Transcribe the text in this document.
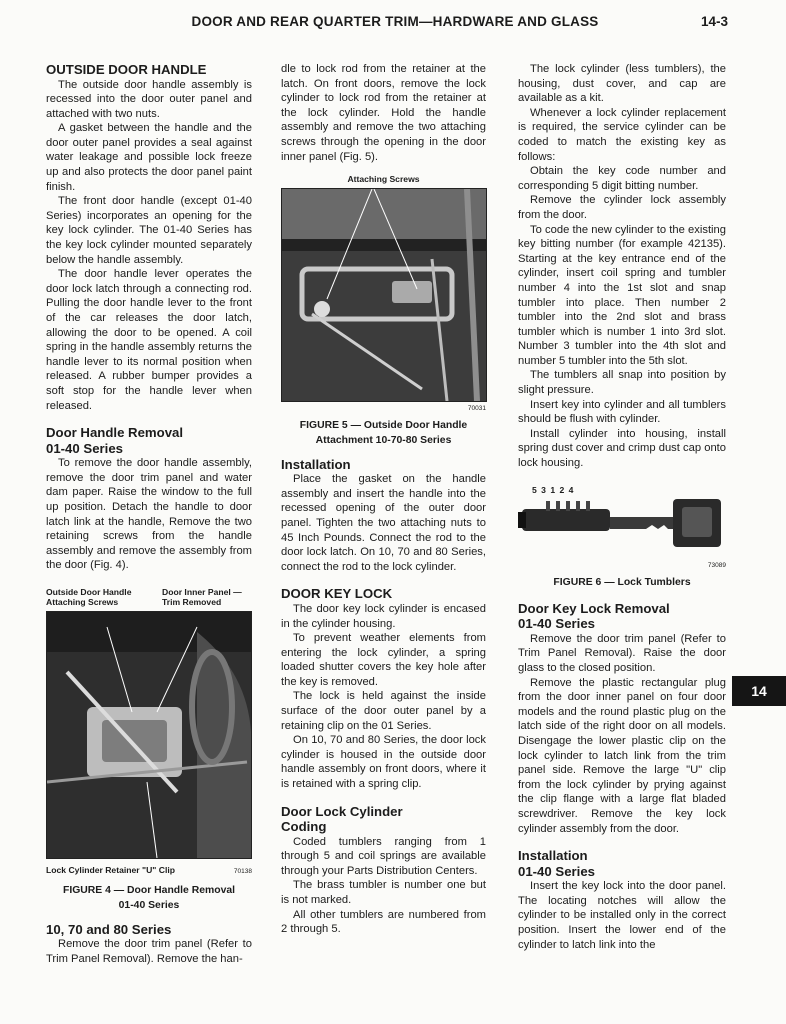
DOOR AND REAR QUARTER TRIM—HARDWARE AND GLASS	14-3
OUTSIDE DOOR HANDLE

The outside door handle assembly is recessed into the door outer panel and attached with two nuts.

A gasket between the handle and the door outer panel provides a seal against water leakage and possible lock freeze up and also protects the door panel paint finish.

The front door handle (except 01-40 Series) incorporates an opening for the key lock cylinder. The 01-40 Series has the key lock cylinder mounted separately below the handle assembly.

The door handle lever operates the door lock latch through a connecting rod. Pulling the door handle lever to the front of the car releases the door latch, allowing the door to be opened. A coil spring in the handle assembly returns the handle lever to its normal position when released. A rubber bumper provides a soft stop for the handle lever when released.

Door Handle Removal
01-40 Series

To remove the door handle assembly, remove the door trim panel and water dam paper. Raise the window to the full up position. Detach the handle to door latch link at the handle, Remove the two retaining screws from the handle assembly and remove the assembly from the door (Fig. 4).

Outside Door Handle Attaching Screws
Door Inner Panel — Trim Removed
Lock Cylinder Retainer "U" Clip	70138
FIGURE 4 — Door Handle Removal
01-40 Series
10, 70 and 80 Series

Remove the door trim panel (Refer to Trim Panel Removal). Remove the han-

dle to lock rod from the retainer at the latch. On front doors, remove the lock cylinder to lock rod from the retainer at the lock cylinder. Hold the handle assembly and remove the two attaching screws through the opening in the door inner panel (Fig. 5).

Attaching Screws
70031
FIGURE 5 — Outside Door Handle
Attachment 10-70-80 Series
Installation

Place the gasket on the handle assembly and insert the handle into the recessed opening of the outer door panel. Tighten the two attaching nuts to 45 Inch Pounds. Connect the rod to the door lock latch. On 10, 70 and 80 Series, connect the rod to the lock cylinder.

DOOR KEY LOCK

The door key lock cylinder is encased in the cylinder housing.

To prevent weather elements from entering the lock cylinder, a spring loaded shutter covers the key hole after the key is removed.

The lock is held against the inside surface of the door outer panel by a retaining clip on the 01 Series.

On 10, 70 and 80 Series, the door lock cylinder is housed in the outside door handle assembly on front doors, where it is retained with a spring clip.

Door Lock Cylinder
Coding

Coded tumblers ranging from 1 through 5 and coil springs are available through your Parts Distribution Centers.

The brass tumbler is number one but is not marked.

All other tumblers are numbered from 2 through 5.

The lock cylinder (less tumblers), the housing, dust cover, and cap are available as a kit.

Whenever a lock cylinder replacement is required, the service cylinder can be coded to match the existing key as follows:

Obtain the key code number and corresponding 5 digit bitting number.

Remove the cylinder lock assembly from the door.

To code the new cylinder to the existing key bitting number (for example 42135). Starting at the key entrance end of the cylinder, insert coil spring and tumbler number 4 into the 1st slot and snap tumbler into place. Then number 2 tumbler into the 2nd slot and brass tumbler which is number 1 into 3rd slot. Number 3 tumbler into the 4th slot and number 5 tumbler into the 5th slot.

The tumblers all snap into position by slight pressure.

Insert key into cylinder and all tumblers should be flush with cylinder.

Install cylinder into housing, install spring dust cover and crimp dust cap onto lock housing.

5 3 1 2 4
73089
FIGURE 6 — Lock Tumblers
Door Key Lock Removal
01-40 Series

Remove the door trim panel (Refer to Trim Panel Removal). Raise the door glass to the closed position.

Remove the plastic rectangular plug from the door inner panel on four door models and the round plastic plug on the latch side of the right door on all models. Disengage the lower plastic clip on the lock cylinder to latch link from the trim panel side. Remove the large "U" clip from the lock cylinder by prying against the clip flange with a large flat bladed screwdriver. Remove the key lock cylinder assembly from the door.

Installation
01-40 Series

Insert the key lock into the door panel. The locating notches will allow the cylinder to be installed only in the correct position. Insert the lower end of the cylinder to latch link into the

14
